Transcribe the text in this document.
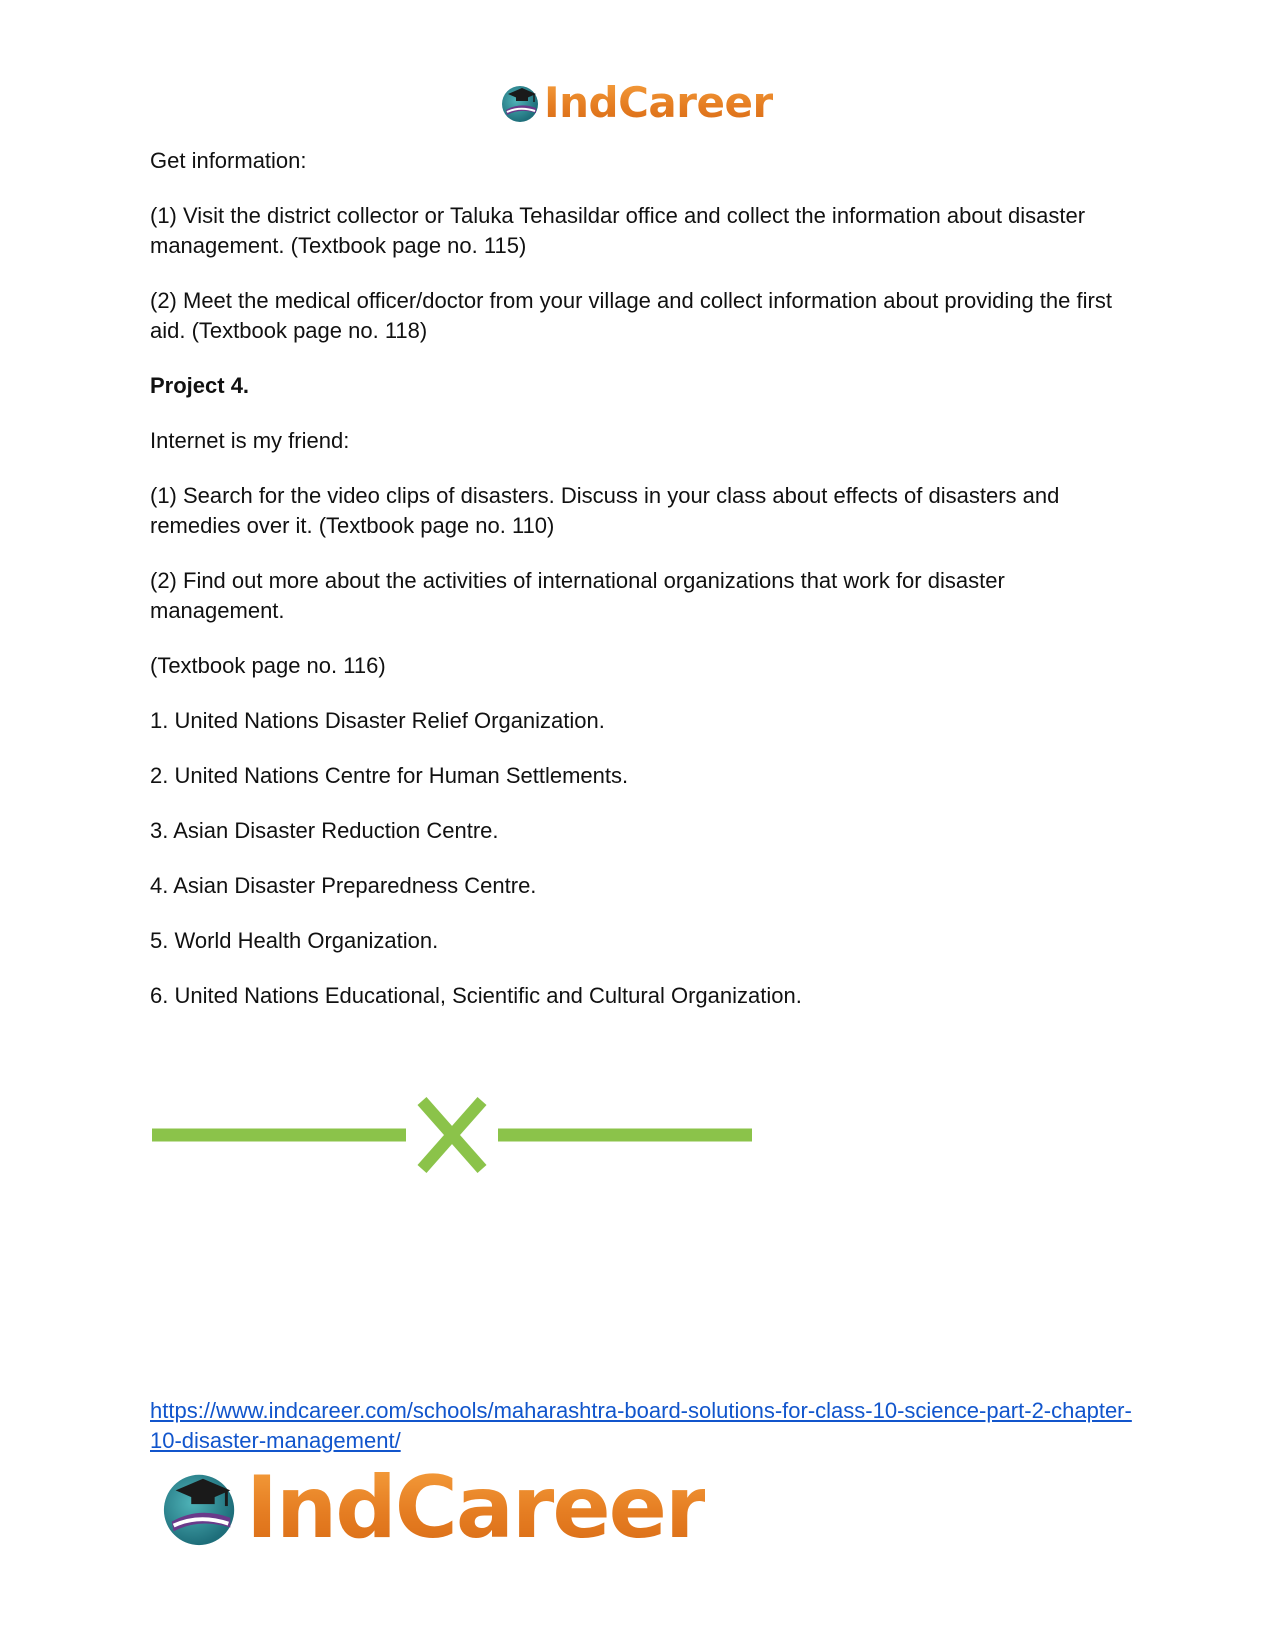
IndCareer

Get information:

(1) Visit the district collector or Taluka Tehasildar office and collect the information about disaster management. (Textbook page no. 115)

(2) Meet the medical officer/doctor from your village and collect information about providing the first aid. (Textbook page no. 118)

Project 4.

Internet is my friend:

(1) Search for the video clips of disasters. Discuss in your class about effects of disasters and remedies over it. (Textbook page no. 110)

(2) Find out more about the activities of international organizations that work for disaster management.

(Textbook page no. 116)

1. United Nations Disaster Relief Organization.

2. United Nations Centre for Human Settlements.

3. Asian Disaster Reduction Centre.

4. Asian Disaster Preparedness Centre.

5. World Health Organization.

6. United Nations Educational, Scientific and Cultural Organization.

https://www.indcareer.com/schools/maharashtra-board-solutions-for-class-10-science-part-2-chapter-10-disaster-management/
IndCareer
